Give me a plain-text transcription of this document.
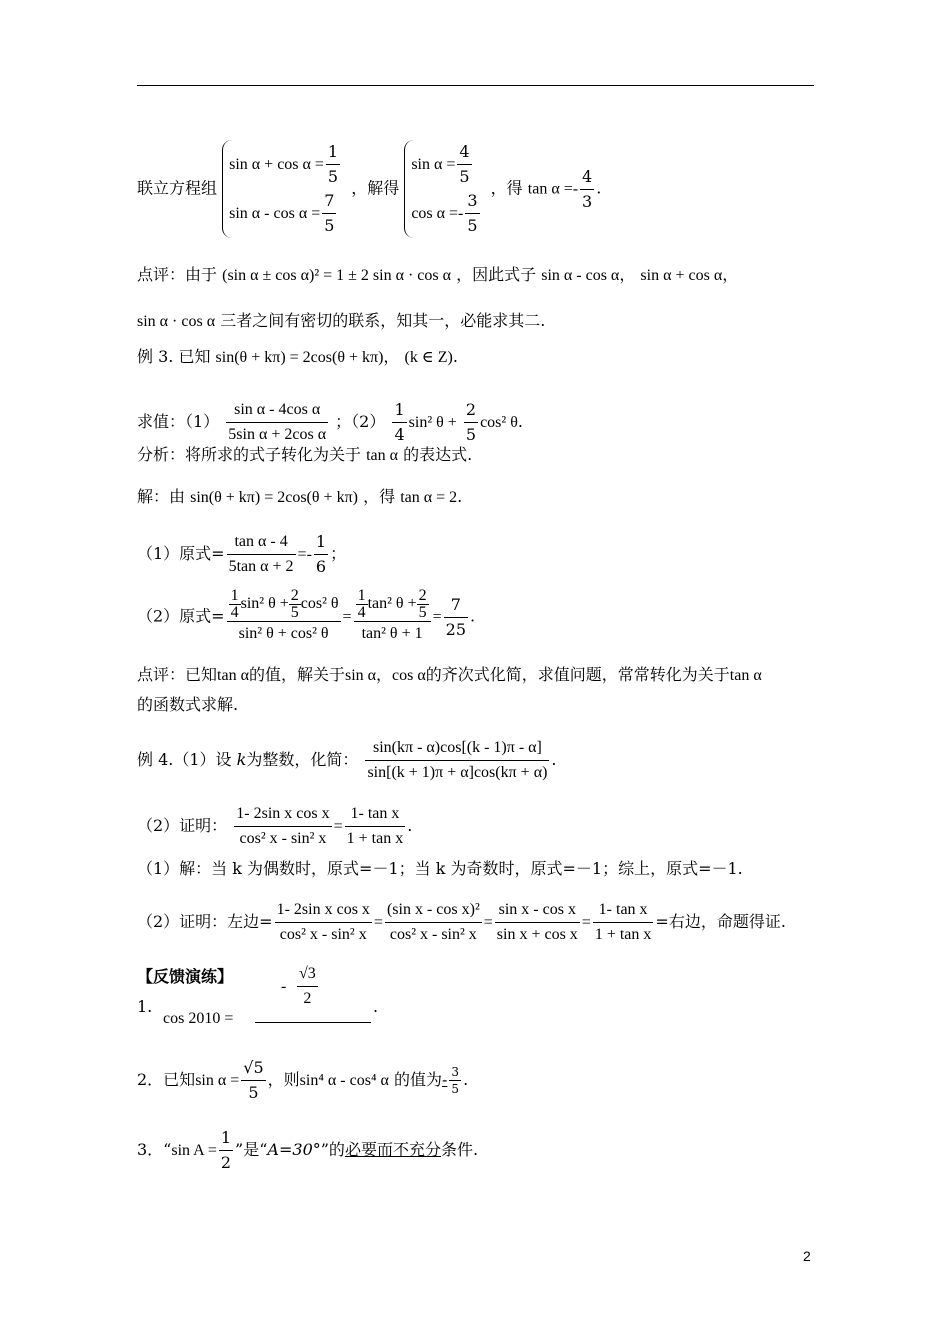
联立方程组
$\sin \alpha + \cos \alpha = \frac{1}{5}$
$\sin \alpha - \cos \alpha = \frac{7}{5}$
，解得
$\sin \alpha = \frac{4}{5}$
$\cos \alpha =- \frac{3}{5}$
，得 $\tan \alpha =- \frac{4}{3}$ .
点评：由于 (sin α ± cos α)² = 1 ± 2 sin α · cos α ，因此式子 sin α - cos α， sin α + cos α，
sin α · cos α 三者之间有密切的联系，知其一，必能求其二.
例 3. 已知 sin(θ + kπ) = 2cos(θ + kπ)， (k ∈ Z).
求值：$(1) \frac{\text{sin α - 4cos α}}{\text{5sin α + 2cos α}}$ ；$(2) \frac{1}{4} \sin^2$ $\theta + \frac{2}{5} \cos^2$ θ.
分析：将所求的式子转化为关于 tan α 的表达式.
解：由 sin(θ + kπ) = 2cos(θ + kπ) ，得 tan α = 2.
（1）原式= $\frac{\text{tan α - 4}}{\text{5tan α + 2}} =- \frac{1}{6}$ ；
（2）原式= $\frac{\frac{1}{4} \sin^2 \theta + \frac{2}{5} \cos^2 \theta}{\text{sin² θ + cos² θ}} = \frac{\frac{1}{4} \tan^2 \theta + \frac{2}{5}}{\text{tan² θ + 1}} = \frac{7}{25}$ .
点评：已知tan α的值，解关于sin α，cos α的齐次式化简，求值问题，常常转化为关于tan α
的函数式求解.
例 4.（1）设 k为整数，化简： $\frac{\sin(k\pi - \alpha)\cos[(k - 1)\pi - \alpha]}{\sin[(k + 1)\pi + \alpha]\cos(k\pi + \alpha)}$ .
（2）证明： $\frac{\text{1- 2sin x cos x}}{\text{cos² x - sin² x}} = \frac{\text{1- tan x}}{\text{1 + tan x}}$ .
（1）解：当 k 为偶数时，原式=－1；当 k 为奇数时，原式=－1；综上，原式=－1.
（2）证明：左边= $\frac{\text{1- 2sin x cos x}}{\text{cos² x - sin² x}} = \frac{\text{(sin x - cos x)²}}{\text{cos² x - sin² x}} = \frac{\text{sin x - cos x}}{\text{sin x + cos x}} = \frac{\text{1- tan x}}{\text{1 + tan x}}$ =右边，命题得证.
【反馈演练】
1.
cos 2010 =
- $\frac{√3}{2}$	.
2．已知$\sin \alpha = \frac{√5}{5}$ ，则sin⁴ α - cos⁴ α 的值为- $\frac{3}{5}$ .
3．“sin $A = \frac{1}{2}$ ”是“A=30°”的必要而不充分条件.
2
